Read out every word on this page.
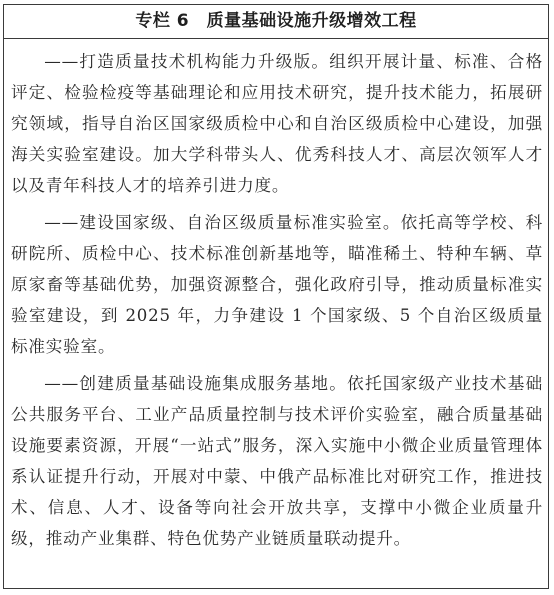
专栏 6　质量基础设施升级增效工程

——打造质量技术机构能力升级版。组织开展计量、标准、合格评定、检验检疫等基础理论和应用技术研究，提升技术能力，拓展研究领域，指导自治区国家级质检中心和自治区级质检中心建设，加强海关实验室建设。加大学科带头人、优秀科技人才、高层次领军人才以及青年科技人才的培养引进力度。

——建设国家级、自治区级质量标准实验室。依托高等学校、科研院所、质检中心、技术标准创新基地等，瞄准稀土、特种车辆、草原家畜等基础优势，加强资源整合，强化政府引导，推动质量标准实验室建设，到 2025 年，力争建设 1 个国家级、5 个自治区级质量标准实验室。

——创建质量基础设施集成服务基地。依托国家级产业技术基础公共服务平台、工业产品质量控制与技术评价实验室，融合质量基础设施要素资源，开展“一站式”服务，深入实施中小微企业质量管理体系认证提升行动，开展对中蒙、中俄产品标准比对研究工作，推进技术、信息、人才、设备等向社会开放共享，支撑中小微企业质量升级，推动产业集群、特色优势产业链质量联动提升。
